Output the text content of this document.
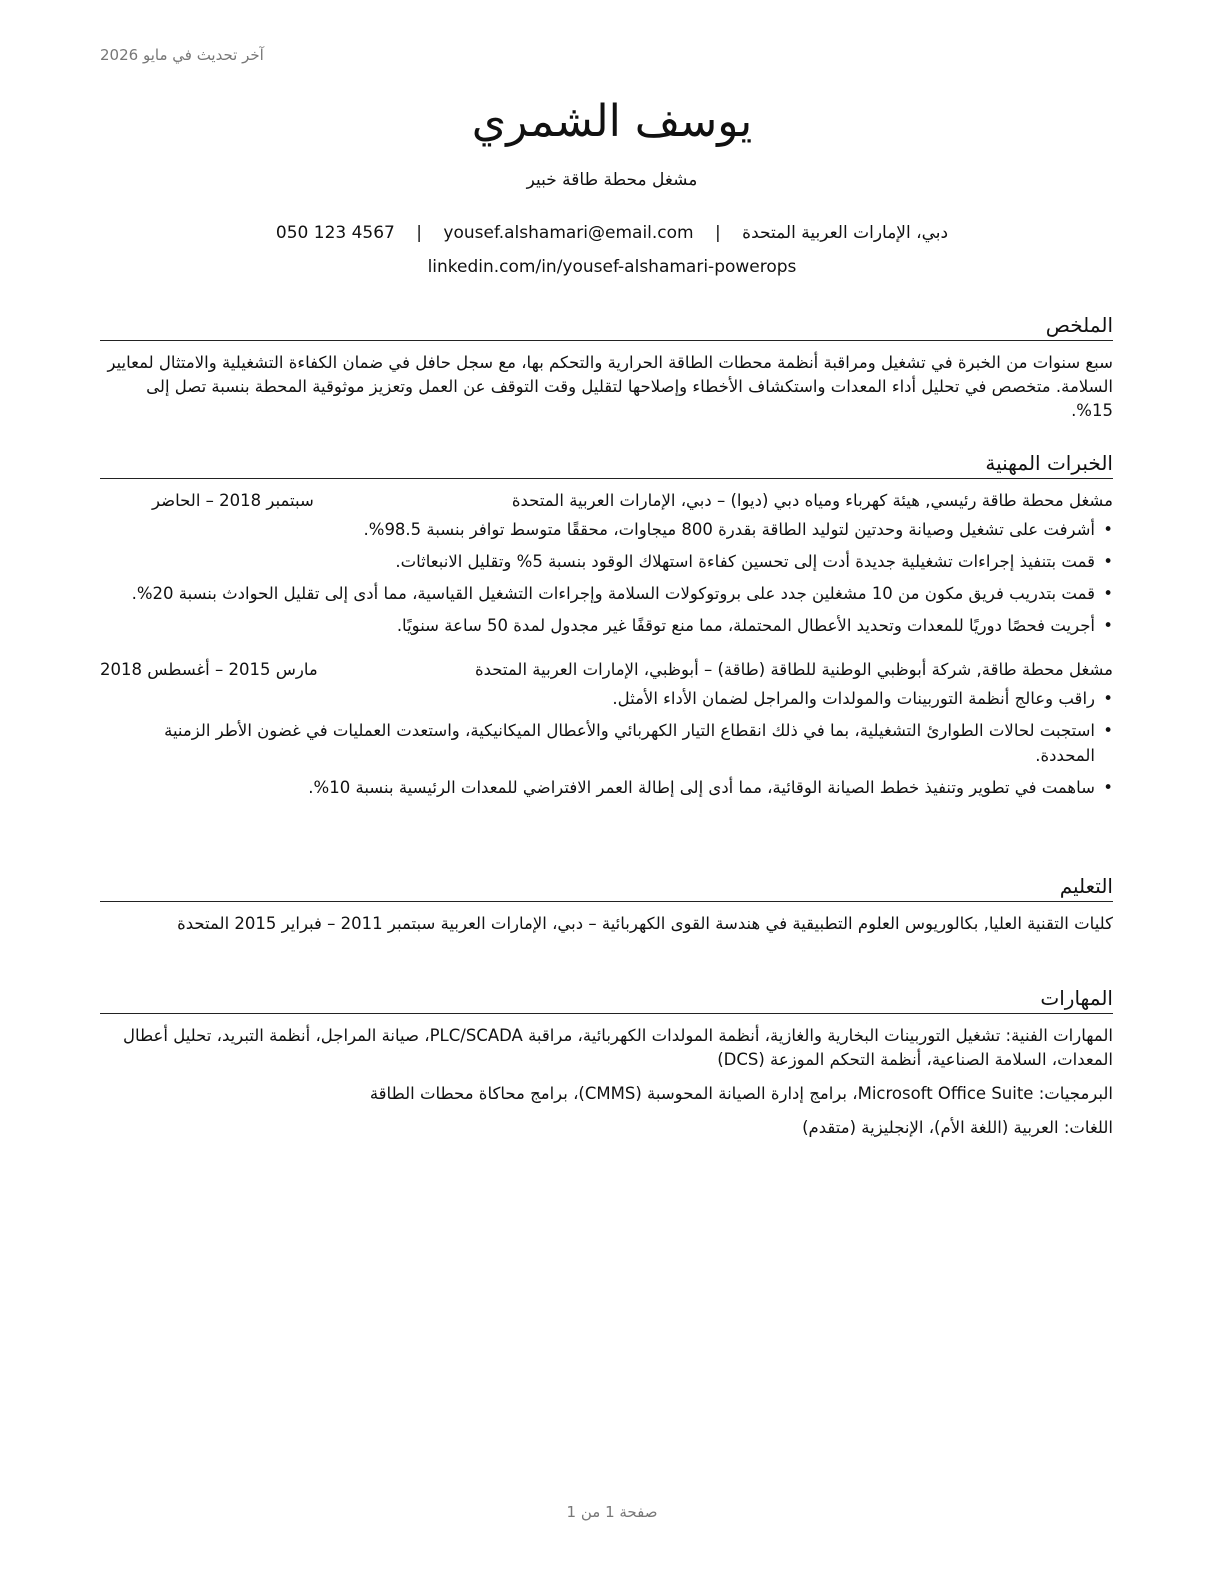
آخر تحديث في مايو 2026
يوسف الشمري
مشغل محطة طاقة خبير
دبي، الإمارات العربية المتحدة | yousef.alshamari@email.com | 050 123 4567
linkedin.com/in/yousef-alshamari-powerops
الملخص

سبع سنوات من الخبرة في تشغيل ومراقبة أنظمة محطات الطاقة الحرارية والتحكم بها، مع سجل حافل في ضمان الكفاءة التشغيلية والامتثال لمعايير السلامة. متخصص في تحليل أداء المعدات واستكشاف الأخطاء وإصلاحها لتقليل وقت التوقف عن العمل وتعزيز موثوقية المحطة بنسبة تصل إلى 15%.

الخبرات المهنية
مشغل محطة طاقة رئيسي, هيئة كهرباء ومياه دبي (ديوا) – دبي، الإمارات العربية المتحدة
سبتمبر 2018 – الحاضر
• أشرفت على تشغيل وصيانة وحدتين لتوليد الطاقة بقدرة 800 ميجاوات، محققًا متوسط توافر بنسبة 98.5%.
• قمت بتنفيذ إجراءات تشغيلية جديدة أدت إلى تحسين كفاءة استهلاك الوقود بنسبة 5% وتقليل الانبعاثات.
• قمت بتدريب فريق مكون من 10 مشغلين جدد على بروتوكولات السلامة وإجراءات التشغيل القياسية، مما أدى إلى تقليل الحوادث بنسبة 20%.
• أجريت فحصًا دوريًا للمعدات وتحديد الأعطال المحتملة، مما منع توقفًا غير مجدول لمدة 50 ساعة سنويًا.
مشغل محطة طاقة, شركة أبوظبي الوطنية للطاقة (طاقة) – أبوظبي، الإمارات العربية المتحدة
مارس 2015 – أغسطس 2018
• راقب وعالج أنظمة التوربينات والمولدات والمراجل لضمان الأداء الأمثل.
• استجبت لحالات الطوارئ التشغيلية، بما في ذلك انقطاع التيار الكهربائي والأعطال الميكانيكية، واستعدت العمليات في غضون الأطر الزمنية المحددة.
• ساهمت في تطوير وتنفيذ خطط الصيانة الوقائية، مما أدى إلى إطالة العمر الافتراضي للمعدات الرئيسية بنسبة 10%.
التعليم

كليات التقنية العليا, بكالوريوس العلوم التطبيقية في هندسة القوى الكهربائية – دبي، الإمارات العربية سبتمبر 2011 – فبراير 2015 المتحدة

المهارات

المهارات الفنية: تشغيل التوربينات البخارية والغازية، أنظمة المولدات الكهربائية، مراقبة PLC/SCADA، صيانة المراجل، أنظمة التبريد، تحليل أعطال المعدات، السلامة الصناعية، أنظمة التحكم الموزعة (DCS)

البرمجيات: Microsoft Office Suite، برامج إدارة الصيانة المحوسبة (CMMS)، برامج محاكاة محطات الطاقة

اللغات: العربية (اللغة الأم)، الإنجليزية (متقدم)

صفحة 1 من 1
